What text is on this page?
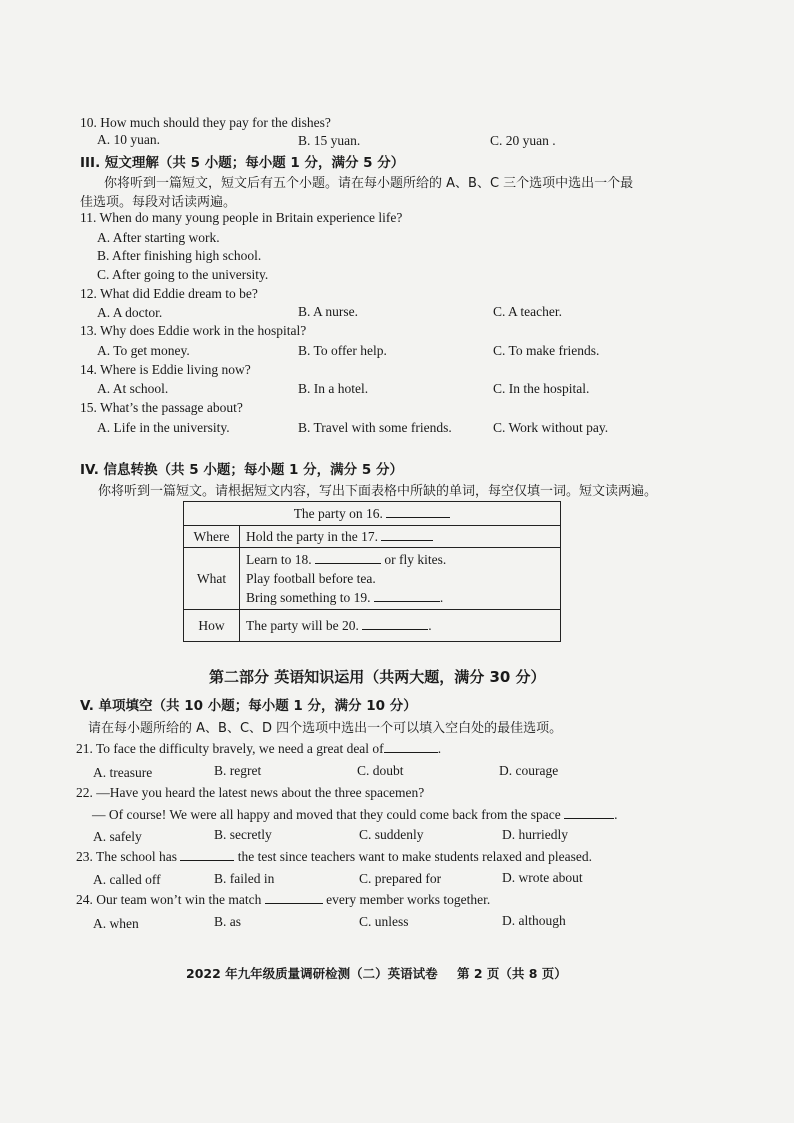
10. How much should they pay for the dishes?
A. 10 yuan.	B. 15 yuan.	C. 20 yuan .
III. 短文理解（共 5 小题；每小题 1 分，满分 5 分）
你将听到一篇短文，短文后有五个小题。请在每小题所给的 A、B、C 三个选项中选出一个最
佳选项。每段对话读两遍。
11. When do many young people in Britain experience life?
A. After starting work.
B. After finishing high school.
C. After going to the university.
12. What did Eddie dream to be?
A. A doctor.	B. A nurse.	C. A teacher.
13. Why does Eddie work in the hospital?
A. To get money.	B. To offer help.	C. To make friends.
14. Where is Eddie living now?
A. At school.	B. In a hotel.	C. In the hospital.
15. What’s the passage about?
A. Life in the university.	B. Travel with some friends.	C. Work without pay.
IV. 信息转换（共 5 小题；每小题 1 分，满分 5 分）
你将听到一篇短文。请根据短文内容，写出下面表格中所缺的单词，每空仅填一词。短文读两遍。
The party on 16.	
Where	Hold the party in the 17.
What	Learn to 18. or fly kites.
Play football before tea.
Bring something to 19. .

How	The party will be 20. .
第二部分 英语知识运用（共两大题，满分 30 分）
V. 单项填空（共 10 小题；每小题 1 分，满分 10 分）
请在每小题所给的 A、B、C、D 四个选项中选出一个可以填入空白处的最佳选项。
21. To face the difficulty bravely, we need a great deal of	.
A. treasure	B. regret	C. doubt	D. courage
22. —Have you heard the latest news about the three spacemen?
— Of course! We were all happy and moved that they could come back from the space	.
A. safely	B. secretly	C. suddenly	D. hurriedly
23. The school has	the test since teachers want to make students relaxed and pleased.
A. called off	B. failed in	C. prepared for	D. wrote about
24. Our team won’t win the match	every member works together.
A. when	B. as	C. unless	D. although
2022 年九年级质量调研检测（二）英语试卷 第 2 页（共 8 页）
